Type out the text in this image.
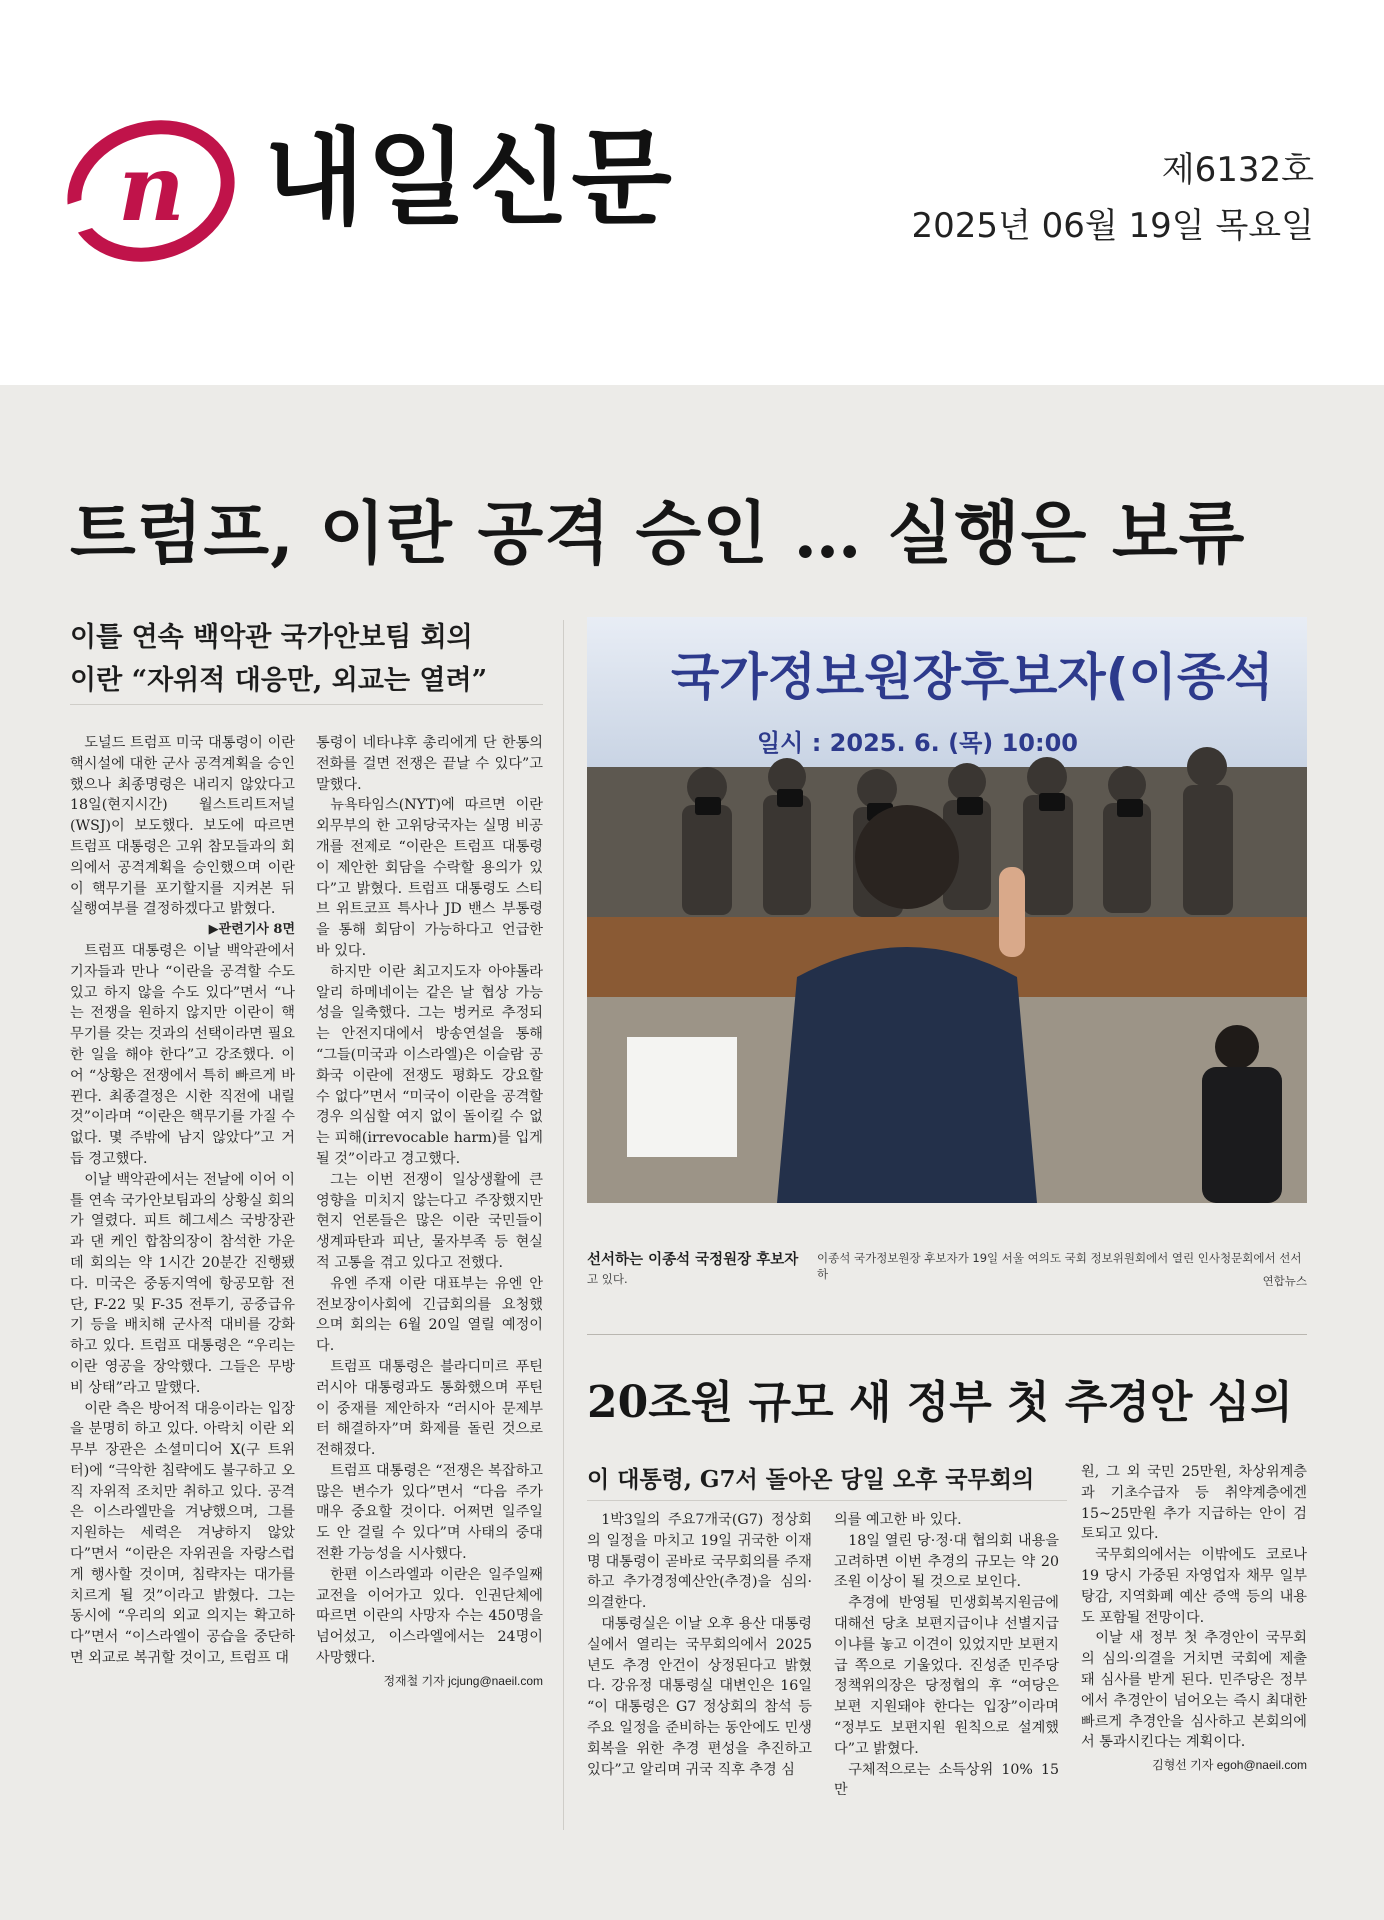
n 내일신문	제6132호
2025년 06월 19일 목요일
트럼프, 이란 공격 승인 … 실행은 보류
이틀 연속 백악관 국가안보팀 회의
이란 “자위적 대응만, 외교는 열려”

도널드 트럼프 미국 대통령이 이란 핵시설에 대한 군사 공격계획을 승인했으나 최종명령은 내리지 않았다고 18일(현지시간) 월스트리트저널(WSJ)이 보도했다. 보도에 따르면 트럼프 대통령은 고위 참모들과의 회의에서 공격계획을 승인했으며 이란이 핵무기를 포기할지를 지켜본 뒤 실행여부를 결정하겠다고 밝혔다.

▶관련기사 8면

트럼프 대통령은 이날 백악관에서 기자들과 만나 “이란을 공격할 수도 있고 하지 않을 수도 있다”면서 “나는 전쟁을 원하지 않지만 이란이 핵무기를 갖는 것과의 선택이라면 필요한 일을 해야 한다”고 강조했다. 이어 “상황은 전쟁에서 특히 빠르게 바뀐다. 최종결정은 시한 직전에 내릴 것”이라며 “이란은 핵무기를 가질 수 없다. 몇 주밖에 남지 않았다”고 거듭 경고했다.

이날 백악관에서는 전날에 이어 이틀 연속 국가안보팀과의 상황실 회의가 열렸다. 피트 헤그세스 국방장관과 댄 케인 합참의장이 참석한 가운데 회의는 약 1시간 20분간 진행됐다. 미국은 중동지역에 항공모함 전단, F-22 및 F-35 전투기, 공중급유기 등을 배치해 군사적 대비를 강화하고 있다. 트럼프 대통령은 “우리는 이란 영공을 장악했다. 그들은 무방비 상태”라고 말했다.

이란 측은 방어적 대응이라는 입장을 분명히 하고 있다. 아락치 이란 외무부 장관은 소셜미디어 X(구 트위터)에 “극악한 침략에도 불구하고 오직 자위적 조치만 취하고 있다. 공격은 이스라엘만을 겨냥했으며, 그를 지원하는 세력은 겨냥하지 않았다”면서 “이란은 자위권을 자랑스럽게 행사할 것이며, 침략자는 대가를 치르게 될 것”이라고 밝혔다. 그는 동시에 “우리의 외교 의지는 확고하다”면서 “이스라엘이 공습을 중단하면 외교로 복귀할 것이고, 트럼프 대

통령이 네타냐후 총리에게 단 한통의 전화를 걸면 전쟁은 끝날 수 있다”고 말했다.

뉴욕타임스(NYT)에 따르면 이란 외무부의 한 고위당국자는 실명 비공개를 전제로 “이란은 트럼프 대통령이 제안한 회담을 수락할 용의가 있다”고 밝혔다. 트럼프 대통령도 스티브 위트코프 특사나 JD 밴스 부통령을 통해 회담이 가능하다고 언급한 바 있다.

하지만 이란 최고지도자 아야톨라 알리 하메네이는 같은 날 협상 가능성을 일축했다. 그는 벙커로 추정되는 안전지대에서 방송연설을 통해 “그들(미국과 이스라엘)은 이슬람 공화국 이란에 전쟁도 평화도 강요할 수 없다”면서 “미국이 이란을 공격할 경우 의심할 여지 없이 돌이킬 수 없는 피해(irrevocable harm)를 입게 될 것”이라고 경고했다.

그는 이번 전쟁이 일상생활에 큰 영향을 미치지 않는다고 주장했지만 현지 언론들은 많은 이란 국민들이 생계파탄과 피난, 물자부족 등 현실적 고통을 겪고 있다고 전했다.

유엔 주재 이란 대표부는 유엔 안전보장이사회에 긴급회의를 요청했으며 회의는 6월 20일 열릴 예정이다.

트럼프 대통령은 블라디미르 푸틴 러시아 대통령과도 통화했으며 푸틴이 중재를 제안하자 “러시아 문제부터 해결하자”며 화제를 돌린 것으로 전해졌다.

트럼프 대통령은 “전쟁은 복잡하고 많은 변수가 있다”면서 “다음 주가 매우 중요할 것이다. 어쩌면 일주일도 안 걸릴 수 있다”며 사태의 중대 전환 가능성을 시사했다.

한편 이스라엘과 이란은 일주일째 교전을 이어가고 있다. 인권단체에 따르면 이란의 사망자 수는 450명을 넘어섰고, 이스라엘에서는 24명이 사망했다.

정재철 기자 jcjung@naeil.com

국가정보원장후보자(이종석
일시 : 2025. 6. (목) 10:00
선서하는 이종석 국정원장 후보자 이종석 국가정보원장 후보자가 19일 서울 여의도 국회 정보위원회에서 열린 인사청문회에서 선서하
고 있다.	연합뉴스
20조원 규모 새 정부 첫 추경안 심의
이 대통령, G7서 돌아온 당일 오후 국무회의

1박3일의 주요7개국(G7) 정상회의 일정을 마치고 19일 귀국한 이재명 대통령이 곧바로 국무회의를 주재하고 추가경정예산안(추경)을 심의·의결한다.

대통령실은 이날 오후 용산 대통령실에서 열리는 국무회의에서 2025년도 추경 안건이 상정된다고 밝혔다. 강유정 대통령실 대변인은 16일 “이 대통령은 G7 정상회의 참석 등 주요 일정을 준비하는 동안에도 민생회복을 위한 추경 편성을 추진하고 있다”고 알리며 귀국 직후 추경 심

의를 예고한 바 있다.

18일 열린 당·정·대 협의회 내용을 고려하면 이번 추경의 규모는 약 20조원 이상이 될 것으로 보인다.

추경에 반영될 민생회복지원금에 대해선 당초 보편지급이냐 선별지급이냐를 놓고 이견이 있었지만 보편지급 쪽으로 기울었다. 진성준 민주당 정책위의장은 당정협의 후 “여당은 보편 지원돼야 한다는 입장”이라며 “정부도 보편지원 원칙으로 설계했다”고 밝혔다.

구체적으로는 소득상위 10% 15만

원, 그 외 국민 25만원, 차상위계층과 기초수급자 등 취약계층에겐 15~25만원 추가 지급하는 안이 검토되고 있다.

국무회의에서는 이밖에도 코로나19 당시 가중된 자영업자 채무 일부 탕감, 지역화폐 예산 증액 등의 내용도 포함될 전망이다.

이날 새 정부 첫 추경안이 국무회의 심의·의결을 거치면 국회에 제출돼 심사를 받게 된다. 민주당은 정부에서 추경안이 넘어오는 즉시 최대한 빠르게 추경안을 심사하고 본회의에서 통과시킨다는 계획이다.

김형선 기자 egoh@naeil.com
